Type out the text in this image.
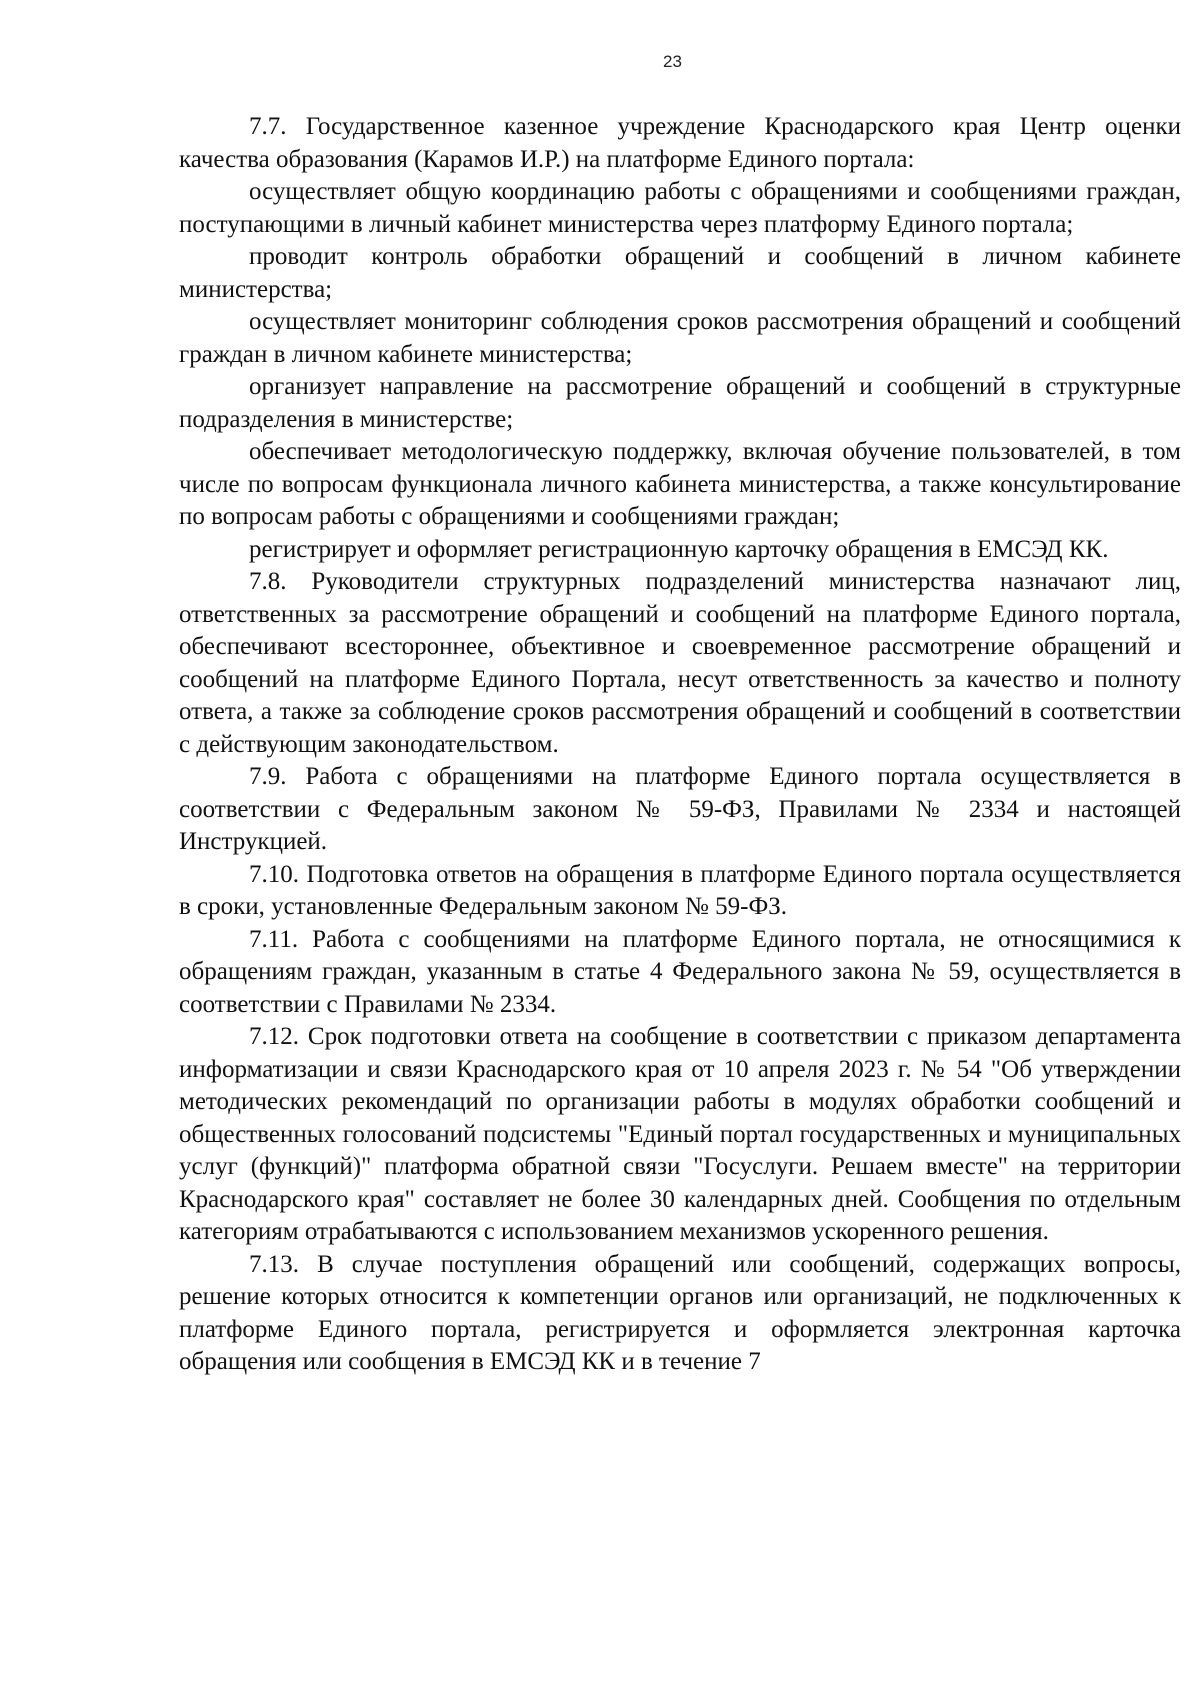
23

7.7. Государственное казенное учреждение Краснодарского края Центр оценки качества образования (Карамов И.Р.) на платформе Единого портала:

осуществляет общую координацию работы с обращениями и сообщениями граждан, поступающими в личный кабинет министерства через платформу Единого портала;

проводит контроль обработки обращений и сообщений в личном кабинете министерства;

осуществляет мониторинг соблюдения сроков рассмотрения обращений и сообщений граждан в личном кабинете министерства;

организует направление на рассмотрение обращений и сообщений в структурные подразделения в министерстве;

обеспечивает методологическую поддержку, включая обучение пользователей, в том числе по вопросам функционала личного кабинета министерства, а также консультирование по вопросам работы с обращениями и сообщениями граждан;

регистрирует и оформляет регистрационную карточку обращения в ЕМСЭД КК.

7.8. Руководители структурных подразделений министерства назначают лиц, ответственных за рассмотрение обращений и сообщений на платформе Единого портала, обеспечивают всестороннее, объективное и своевременное рассмотрение обращений и сообщений на платформе Единого Портала, несут ответственность за качество и полноту ответа, а также за соблюдение сроков рассмотрения обращений и сообщений в соответствии с действующим законодательством.

7.9. Работа с обращениями на платформе Единого портала осуществляется в соответствии с Федеральным законом № 59-ФЗ, Правилами № 2334 и настоящей Инструкцией.

7.10. Подготовка ответов на обращения в платформе Единого портала осуществляется в сроки, установленные Федеральным законом № 59-ФЗ.

7.11. Работа с сообщениями на платформе Единого портала, не относящимися к обращениям граждан, указанным в статье 4 Федерального закона № 59, осуществляется в соответствии с Правилами № 2334.

7.12. Срок подготовки ответа на сообщение в соответствии с приказом департамента информатизации и связи Краснодарского края от 10 апреля 2023 г. № 54 "Об утверждении методических рекомендаций по организации работы в модулях обработки сообщений и общественных голосований подсистемы "Единый портал государственных и муниципальных услуг (функций)" платформа обратной связи "Госуслуги. Решаем вместе" на территории Краснодарского края" составляет не более 30 календарных дней. Сообщения по отдельным категориям отрабатываются с использованием механизмов ускоренного решения.

7.13. В случае поступления обращений или сообщений, содержащих вопросы, решение которых относится к компетенции органов или организаций, не подключенных к платформе Единого портала, регистрируется и оформляется электронная карточка обращения или сообщения в ЕМСЭД КК и в течение 7
